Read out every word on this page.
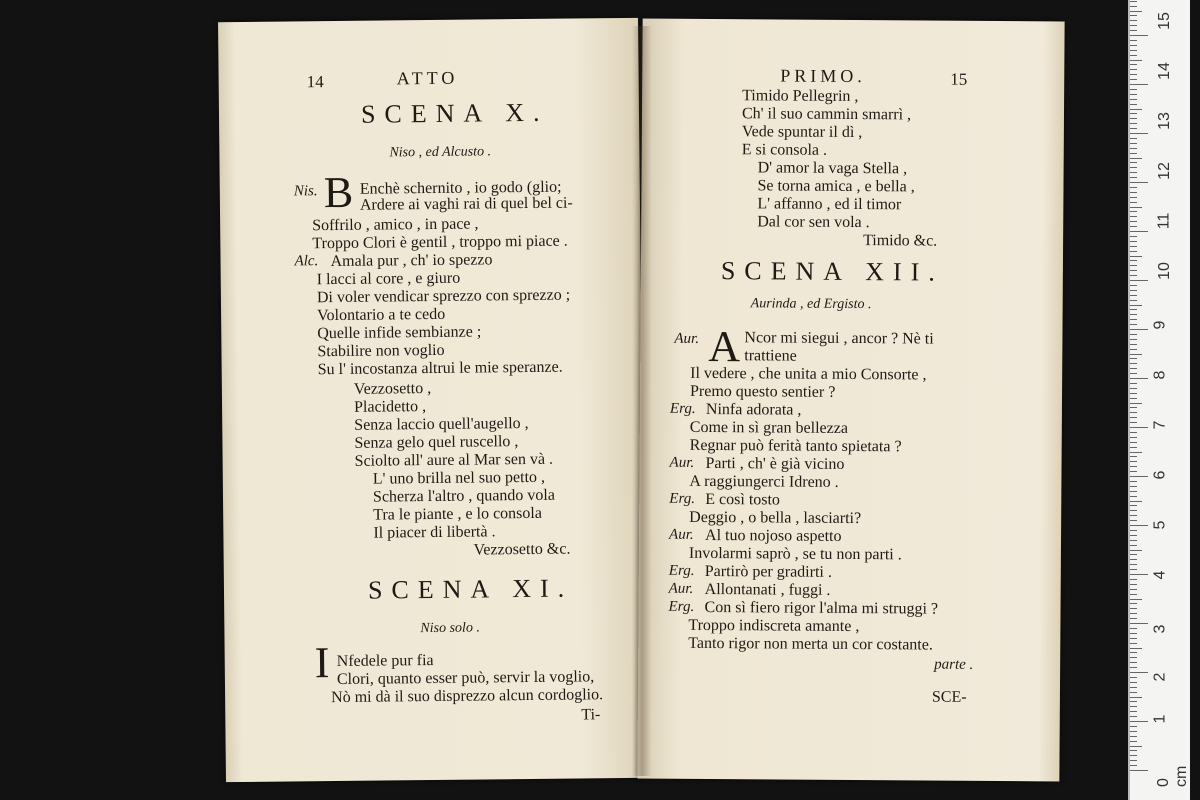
14	ATTO
SCENA X.
Niso , ed Alcusto .
Nis. B Enchè schernito , io godo (glio;
Ardere ai vaghi rai di quel bel ci-
Soffrilo , amico , in pace ,
Troppo Clori è gentil , troppo mi piace .
Alc. Amala pur , ch' io spezzo
I lacci al core , e giuro
Di voler vendicar sprezzo con sprezzo ;
Volontario a te cedo
Quelle infide sembianze ;
Stabilire non voglio
Su l' incostanza altrui le mie speranze.
Vezzosetto ,
Placidetto ,
Senza laccio quell'augello ,
Senza gelo quel ruscello ,
Sciolto all' aure al Mar sen và .
L' uno brilla nel suo petto ,
Scherza l'altro , quando vola
Tra le piante , e lo consola
Il piacer di libertà .
Vezzosetto &c.
SCENA XI.
Niso solo .
I Nfedele pur fia
Clori, quanto esser può, servir la voglio,
Nò mi dà il suo disprezzo alcun cordoglio.
Ti-
PRIMO.	15
Timido Pellegrin ,
Ch' il suo cammin smarrì ,
Vede spuntar il dì ,
E si consola .
D' amor la vaga Stella ,
Se torna amica , e bella ,
L' affanno , ed il timor
Dal cor sen vola .
Timido &c.
SCENA XII.
Aurinda , ed Ergisto .
Aur. A Ncor mi siegui , ancor ? Nè ti
trattiene
Il vedere , che unita a mio Consorte ,
Premo questo sentier ?
Erg. Ninfa adorata ,
Come in sì gran bellezza
Regnar può ferità tanto spietata ?
Aur. Parti , ch' è già vicino
A raggiungerci Idreno .
Erg. E così tosto
Deggio , o bella , lasciarti?
Aur. Al tuo nojoso aspetto
Involarmi saprò , se tu non parti .
Erg. Partirò per gradirti .
Aur. Allontanati , fuggi .
Erg. Con sì fiero rigor l'alma mi struggi ?
Troppo indiscreta amante ,
Tanto rigor non merta un cor costante.
parte .
SCE-
0 cm
1
2
3
4
5
6
7
8
9
10
11
12
13
14
15
